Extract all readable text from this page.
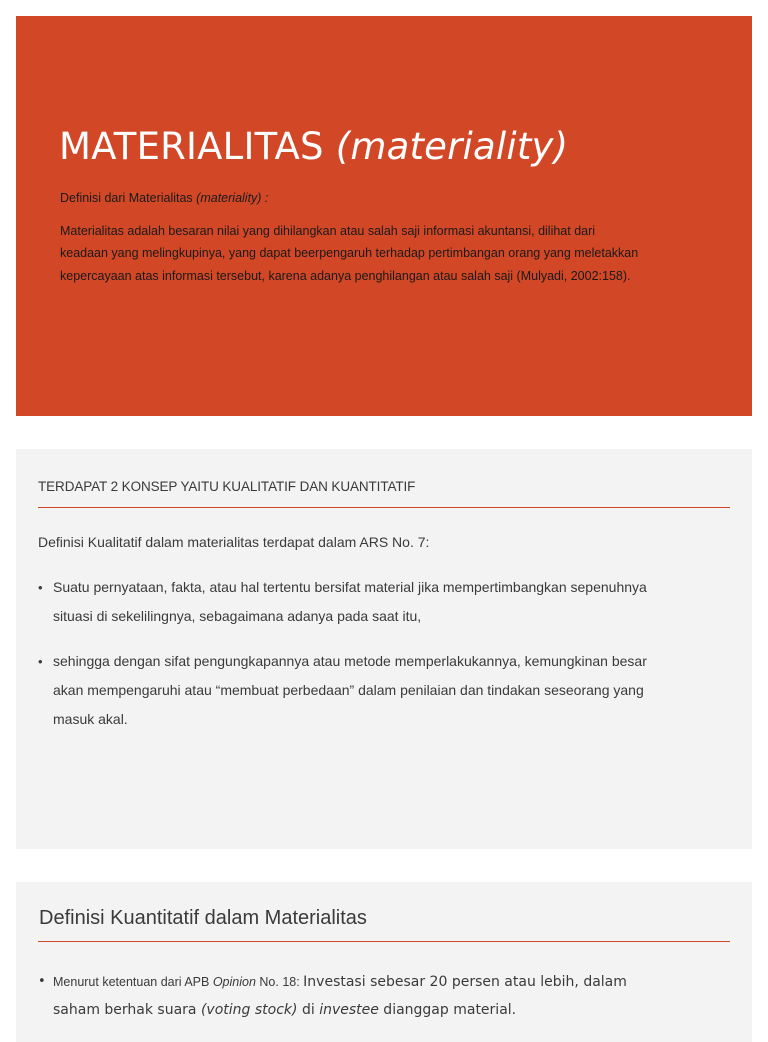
MATERIALITAS (materiality)

Definisi dari Materialitas (materiality) :

Materialitas adalah besaran nilai yang dihilangkan atau salah saji informasi akuntansi, dilihat dari keadaan yang melingkupinya, yang dapat beerpengaruh terhadap pertimbangan orang yang meletakkan kepercayaan atas informasi tersebut, karena adanya penghilangan atau salah saji (Mulyadi, 2002:158).

TERDAPAT 2 KONSEP YAITU KUALITATIF DAN KUANTITATIF

Definisi Kualitatif dalam materialitas terdapat dalam ARS No. 7:

• Suatu pernyataan, fakta, atau hal tertentu bersifat material jika mempertimbangkan sepenuhnya situasi di sekelilingnya, sebagaimana adanya pada saat itu,
• sehingga dengan sifat pengungkapannya atau metode memperlakukannya, kemungkinan besar akan mempengaruhi atau “membuat perbedaan” dalam penilaian dan tindakan seseorang yang masuk akal.
Definisi Kuantitatif dalam Materialitas

• Menurut ketentuan dari APB Opinion No. 18: Investasi sebesar 20 persen atau lebih, dalam saham berhak suara (voting stock) di investee dianggap material.
